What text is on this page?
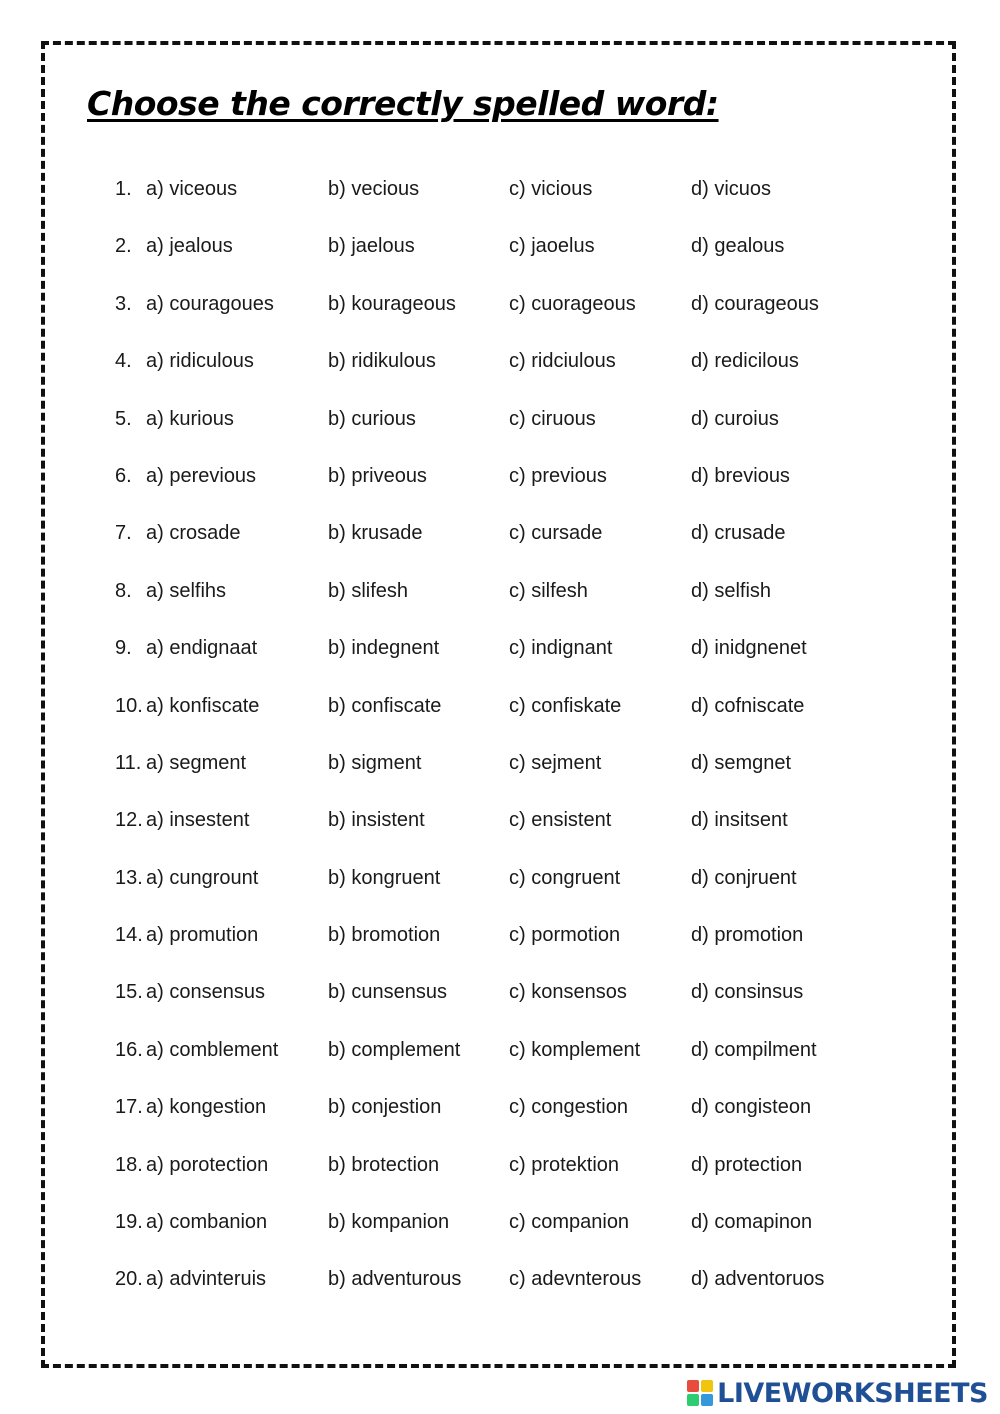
Choose the correctly spelled word:
1. a) viceous	b) vecious	c) vicious	d) vicuos
2. a) jealous	b) jaelous	c) jaoelus	d) gealous
3. a) couragoues	b) kourageous	c) cuorageous	d) courageous
4. a) ridiculous	b) ridikulous	c) ridciulous	d) redicilous
5. a) kurious	b) curious	c) ciruous	d) curoius
6. a) perevious	b) priveous	c) previous	d) brevious
7. a) crosade	b) krusade	c) cursade	d) crusade
8. a) selfihs	b) slifesh	c) silfesh	d) selfish
9. a) endignaat	b) indegnent	c) indignant	d) inidgnenet
10. a) konfiscate	b) confiscate	c) confiskate	d) cofniscate
11. a) segment	b) sigment	c) sejment	d) semgnet
12. a) insestent	b) insistent	c) ensistent	d) insitsent
13. a) cungrount	b) kongruent	c) congruent	d) conjruent
14. a) promution	b) bromotion	c) pormotion	d) promotion
15. a) consensus	b) cunsensus	c) konsensos	d) consinsus
16. a) comblement b) complement c) komplement	d) compilment
17. a) kongestion	b) conjestion	c) congestion	d) congisteon
18. a) porotection	b) brotection	c) protektion	d) protection
19. a) combanion	b) kompanion	c) companion	d) comapinon
20. a) advinteruis	b) adventurous c) adevnterous d) adventoruos
LIVEWORKSHEETS
